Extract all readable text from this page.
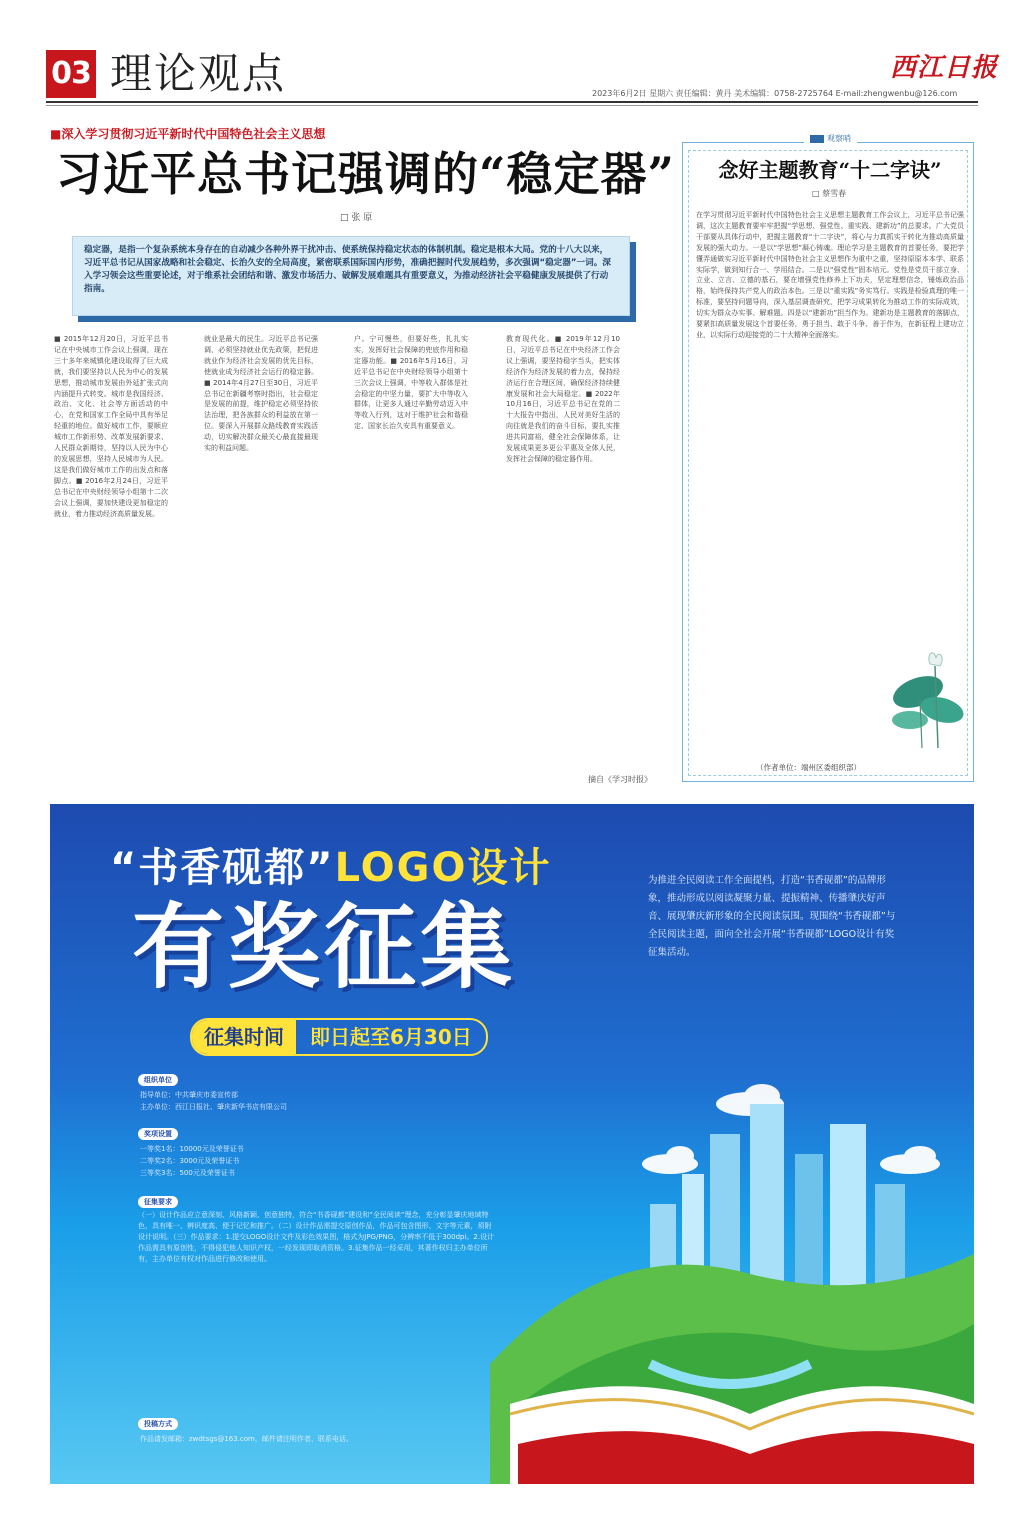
03 理论观点	西江日报
2023年6月2日 星期六 责任编辑：黄丹 美术编辑：0758-2725764 E-mail:zhengwenbu@126.com
■深入学习贯彻习近平新时代中国特色社会主义思想
习近平总书记强调的“稳定器”
□ 张 原
稳定器，是指一个复杂系统本身存在的自动减少各种外界干扰冲击、使系统保持稳定状态的体制机制。稳定是根本大局。党的十八大以来，习近平总书记从国家战略和社会稳定、长治久安的全局高度，紧密联系国际国内形势，准确把握时代发展趋势，多次强调“稳定器”一词。深入学习领会这些重要论述，对于维系社会团结和谐、激发市场活力、破解发展难题具有重要意义，为推动经济社会平稳健康发展提供了行动指南。
■ 2015年12月20日，习近平总书记在中央城市工作会议上强调，现在三十多年来城镇化建设取得了巨大成就，我们要坚持以人民为中心的发展思想，推动城市发展由外延扩张式向内涵提升式转变。城市是我国经济、政治、文化、社会等方面活动的中心，在党和国家工作全局中具有举足轻重的地位。做好城市工作，要顺应城市工作新形势、改革发展新要求、人民群众新期待，坚持以人民为中心的发展思想，坚持人民城市为人民。这是我们做好城市工作的出发点和落脚点。■ 2016年2月24日，习近平总书记在中央财经领导小组第十二次会议上强调，要加快建设更加稳定的就业，着力推动经济高质量发展。
就业是最大的民生。习近平总书记强调，必须坚持就业优先政策，把促进就业作为经济社会发展的优先目标，使就业成为经济社会运行的稳定器。■ 2014年4月27日至30日，习近平总书记在新疆考察时指出，社会稳定是发展的前提，维护稳定必须坚持依法治理，把各族群众的利益放在第一位。要深入开展群众路线教育实践活动，切实解决群众最关心最直接最现实的利益问题。
户。宁可慢些，但要好些，扎扎实实，发挥好社会保障的兜底作用和稳定器功能。■ 2016年5月16日，习近平总书记在中央财经领导小组第十三次会议上强调，中等收入群体是社会稳定的中坚力量，要扩大中等收入群体，让更多人通过辛勤劳动迈入中等收入行列，这对于维护社会和谐稳定、国家长治久安具有重要意义。
教育现代化。■ 2019年12月10日，习近平总书记在中央经济工作会议上强调，要坚持稳字当头，把实体经济作为经济发展的着力点，保持经济运行在合理区间，确保经济持续健康发展和社会大局稳定。■ 2022年10月16日，习近平总书记在党的二十大报告中指出，人民对美好生活的向往就是我们的奋斗目标，要扎实推进共同富裕，健全社会保障体系，让发展成果更多更公平惠及全体人民，发挥社会保障的稳定器作用。
摘自《学习时报》
观察哨
念好主题教育“十二字诀”
□ 蔡雪春
在学习贯彻习近平新时代中国特色社会主义思想主题教育工作会议上，习近平总书记强调，这次主题教育要牢牢把握“学思想、强党性、重实践、建新功”的总要求。广大党员干部要从具体行动中，把握主题教育“十二字诀”，将心与力真抓实干转化为推动高质量发展的强大动力。一是以“学思想”凝心铸魂。理论学习是主题教育的首要任务，要把学懂弄通做实习近平新时代中国特色社会主义思想作为重中之重，坚持原原本本学、联系实际学，做到知行合一、学用结合。二是以“强党性”固本培元。党性是党员干部立身、立业、立言、立德的基石，要在增强党性修养上下功夫，坚定理想信念，锤炼政治品格，始终保持共产党人的政治本色。三是以“重实践”务实笃行。实践是检验真理的唯一标准，要坚持问题导向，深入基层调查研究，把学习成果转化为推动工作的实际成效，切实为群众办实事、解难题。四是以“建新功”担当作为。建新功是主题教育的落脚点，要紧扣高质量发展这个首要任务，勇于担当、敢于斗争、善于作为，在新征程上建功立业，以实际行动迎接党的二十大精神全面落实。
（作者单位：端州区委组织部）
“书香砚都”LOGO设计
有奖征集
征集时间	即日起至6月30日
为推进全民阅读工作全面提档，打造“书香砚都”的品牌形象，推动形成以阅读凝聚力量、提振精神、传播肇庆好声音、展现肇庆新形象的全民阅读氛围。现围绕“书香砚都”与全民阅读主题，面向全社会开展“书香砚都”LOGO设计有奖征集活动。
组织单位
指导单位：中共肇庆市委宣传部
主办单位：西江日报社、肇庆新华书店有限公司
奖项设置
一等奖1名：10000元及荣誉证书
二等奖2名：3000元及荣誉证书
三等奖3名：500元及荣誉证书
征集要求
（一）设计作品应立意深刻、风格新颖、创意独特，符合“书香砚都”建设和“全民阅读”理念，充分彰显肇庆地域特色，具有唯一、辨识度高、便于记忆和推广。（二）设计作品需提交原创作品，作品可包含图形、文字等元素，须附设计说明。（三）作品要求：1.提交LOGO设计文件及彩色效果图，格式为JPG/PNG，分辨率不低于300dpi。2.设计作品需具有原创性，不得侵犯他人知识产权，一经发现即取消资格。3.征集作品一经采用，其著作权归主办单位所有，主办单位有权对作品进行修改和使用。
投稿方式
作品请发邮箱：zwdtsgs@163.com，邮件请注明作者、联系电话。
